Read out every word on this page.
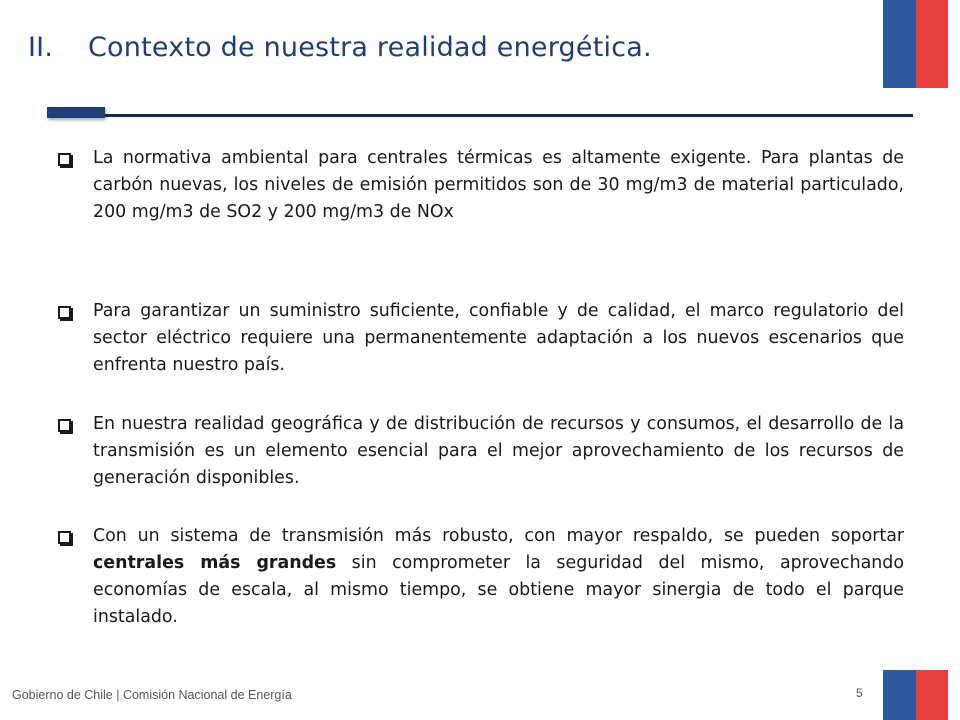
II. Contexto de nuestra realidad energética.
La normativa ambiental para centrales térmicas es altamente exigente. Para plantas de carbón nuevas, los niveles de emisión permitidos son de 30 mg/m3 de material particulado, 200 mg/m3 de SO2 y 200 mg/m3 de NOx
Para garantizar un suministro suficiente, confiable y de calidad, el marco regulatorio del sector eléctrico requiere una permanentemente adaptación a los nuevos escenarios que enfrenta nuestro país.
En nuestra realidad geográfica y de distribución de recursos y consumos, el desarrollo de la transmisión es un elemento esencial para el mejor aprovechamiento de los recursos de generación disponibles.
Con un sistema de transmisión más robusto, con mayor respaldo, se pueden soportar centrales más grandes sin comprometer la seguridad del mismo, aprovechando economías de escala, al mismo tiempo, se obtiene mayor sinergia de todo el parque instalado.
Gobierno de Chile | Comisión Nacional de Energía	5
